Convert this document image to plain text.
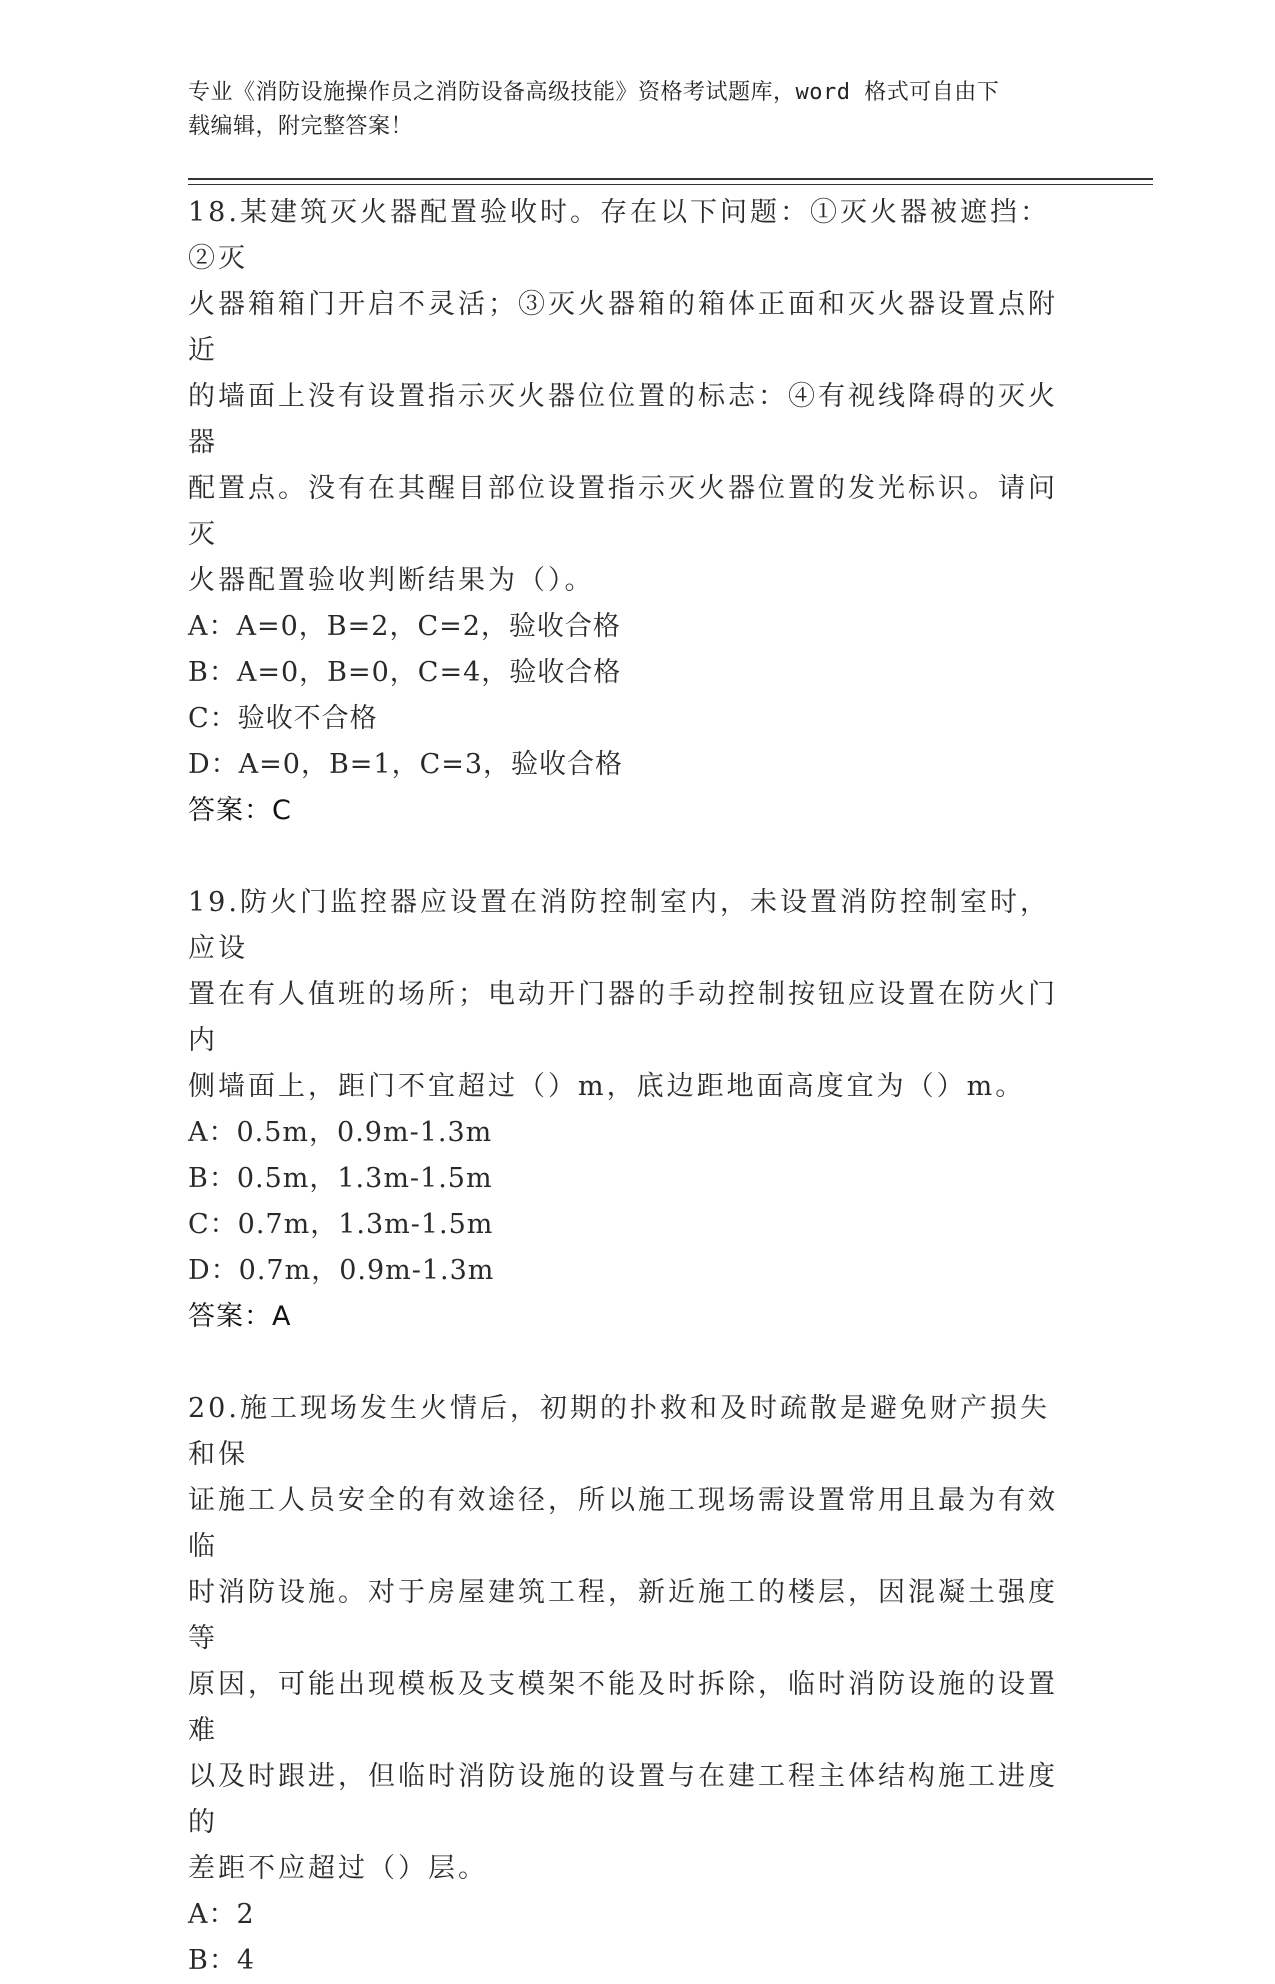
专业《消防设施操作员之消防设备高级技能》资格考试题库，word 格式可自由下
载编辑，附完整答案！

18.某建筑灭火器配置验收时。存在以下问题：①灭火器被遮挡：②灭

火器箱箱门开启不灵活；③灭火器箱的箱体正面和灭火器设置点附近

的墙面上没有设置指示灭火器位位置的标志：④有视线降碍的灭火器

配置点。没有在其醒目部位设置指示灭火器位置的发光标识。请问灭

火器配置验收判断结果为（）。

A：A=0，B=2，C=2，验收合格

B：A=0，B=0，C=4，验收合格

C：验收不合格

D：A=0，B=1，C=3，验收合格

答案：C

19.防火门监控器应设置在消防控制室内，未设置消防控制室时，应设

置在有人值班的场所；电动开门器的手动控制按钮应设置在防火门内

侧墙面上，距门不宜超过（）m，底边距地面高度宜为（）m。

A：0.5m，0.9m-1.3m

B：0.5m，1.3m-1.5m

C：0.7m，1.3m-1.5m

D：0.7m，0.9m-1.3m

答案：A

20.施工现场发生火情后，初期的扑救和及时疏散是避免财产损失和保

证施工人员安全的有效途径，所以施工现场需设置常用且最为有效临

时消防设施。对于房屋建筑工程，新近施工的楼层，因混凝土强度等

原因，可能出现模板及支模架不能及时拆除，临时消防设施的设置难

以及时跟进，但临时消防设施的设置与在建工程主体结构施工进度的

差距不应超过（）层。

A：2

B：4
